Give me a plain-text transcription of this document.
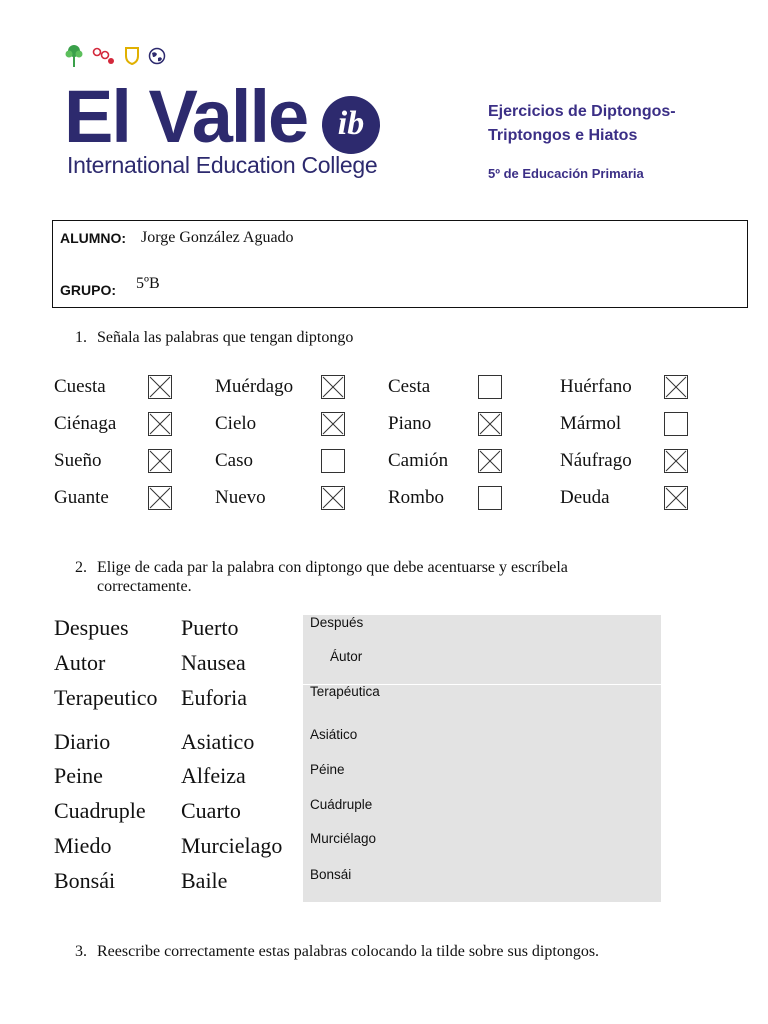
El Valle ib
International Education College
Ejercicios de Diptongos-
Triptongos e Hiatos
5º de Educación Primaria
ALUMNO: Jorge González Aguado
GRUPO: 5ºB
1. Señala las palabras que tengan diptongo
Cuesta	Muérdago	Cesta	Huérfano
Ciénaga	Cielo	Piano	Mármol
Sueño	Caso	Camión	Náufrago
Guante	Nuevo	Rombo	Deuda
2. Elige de cada par la palabra con diptongo que debe acentuarse y escríbela
correctamente.
Despues Puerto	Después
Autor	Nausea	Áutor
Terapeutico Euforia	Terapéutica
Diario	Asiatico	Asiático
Peine	Alfeiza	Péine
Cuadruple Cuarto	Cuádruple
Miedo	Murcielago Murciélago
Bonsái	Baile	Bonsái
3. Reescribe correctamente estas palabras colocando la tilde sobre sus diptongos.
